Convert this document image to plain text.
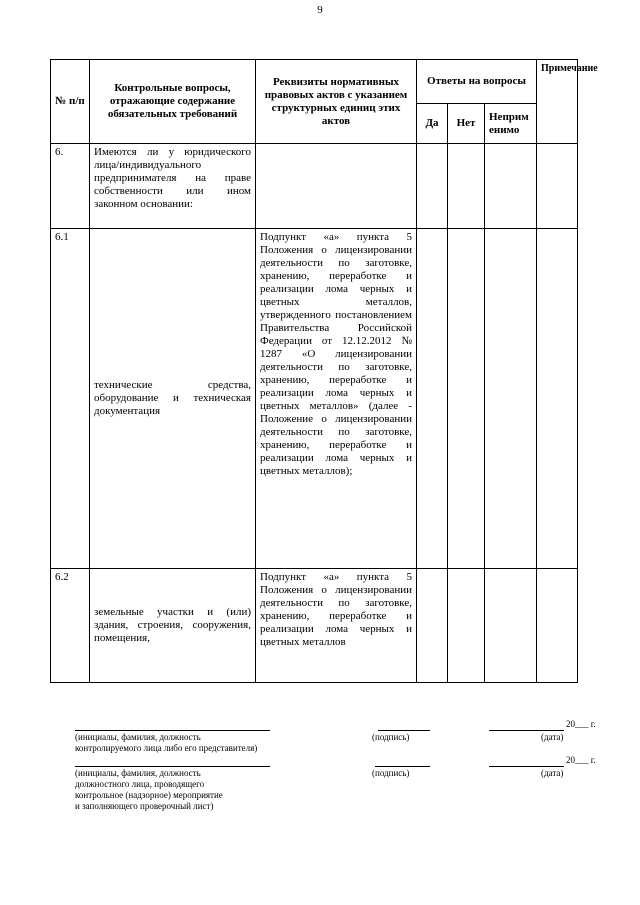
9
№ п/п	Контрольные вопросы, отражающие содержание обязательных требований	Реквизиты нормативных правовых актов с указанием структурных единиц этих актов	Ответы на вопросы			Примечание
			Да	Нет	Неприм енимо	
6.	Имеются ли у юридического лица/индивидуального предпринимателя на праве собственности или ином законном основании:					
6.1	технические средства, оборудование и техническая документация	Подпункт «а» пункта 5 Положения о лицензировании деятельности по заготовке, хранению, переработке и реализации лома черных и цветных металлов, утвержденного постановлением Правительства Российской Федерации от 12.12.2012 № 1287 «О лицензировании деятельности по заготовке, хранению, переработке и реализации лома черных и цветных металлов» (далее - Положение о лицензировании деятельности по заготовке, хранению, переработке и реализации лома черных и цветных металлов);				
6.2	земельные участки и (или) здания, строения, сооружения, помещения,	Подпункт «а» пункта 5 Положения о лицензировании деятельности по заготовке, хранению, переработке и реализации лома черных и цветных металлов				
(инициалы, фамилия, должность
контролируемого лица либо его представителя)
(подпись)
20___ г.
(дата)
(инициалы, фамилия, должность
должностного лица, проводящего
контрольное (надзорное) мероприятие
и заполняющего проверочный лист)
(подпись)
20___ г.
(дата)
